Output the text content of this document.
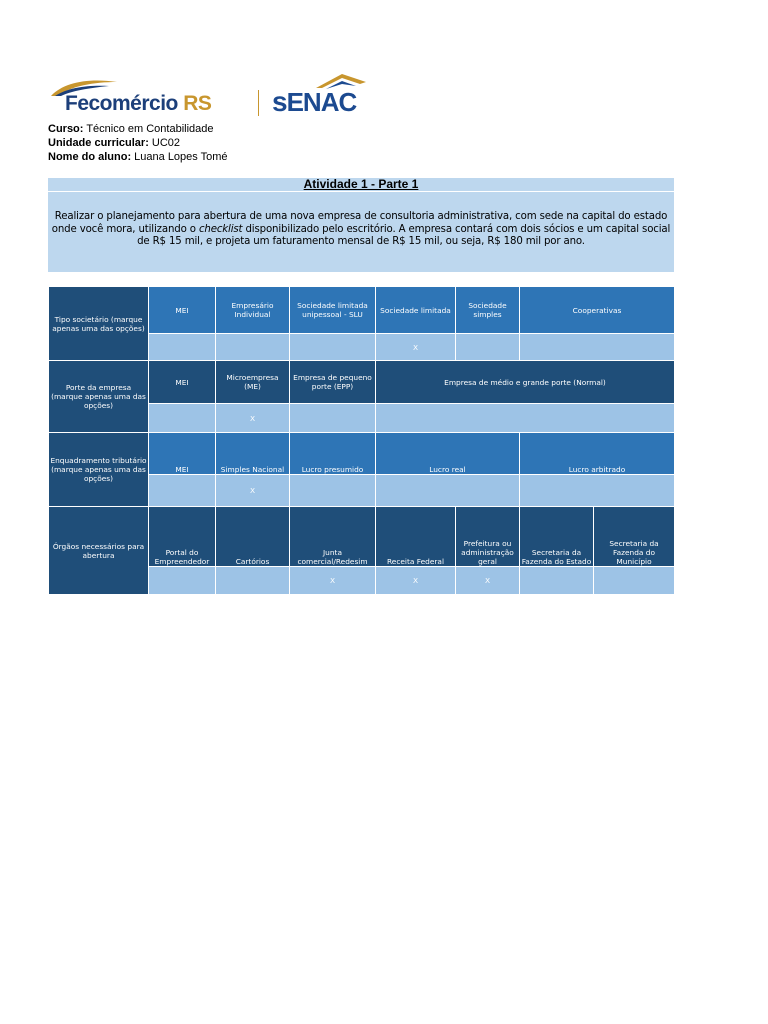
Fecomércio RS sENAC
Curso: Técnico em Contabilidade
Unidade curricular: UC02
Nome do aluno: Luana Lopes Tomé
Atividade 1 - Parte 1

Realizar o planejamento para abertura de uma nova empresa de consultoria administrativa, com sede na capital do estado onde você mora, utilizando o checklist disponibilizado pelo escritório. A empresa contará com dois sócios e um capital social de R$ 15 mil, e projeta um faturamento mensal de R$ 15 mil, ou seja, R$ 180 mil por ano.

Tipo societário (marque apenas uma das opções)	MEI	Empresário Individual	Sociedade limitada unipessoal - SLU	Sociedade limitada	Sociedade simples	Cooperativas	
				X			
Porte da empresa (marque apenas uma das opções)	MEI	Microempresa (ME)	Empresa de pequeno porte (EPP)	Empresa de médio e grande porte (Normal)			
		X					
Enquadramento tributário (marque apenas uma das opções)	MEI	Simples Nacional	Lucro presumido	Lucro real		Lucro arbitrado	
		X					
Órgãos necessários para abertura	Portal do Empreendedor	Cartórios	Junta comercial/Redesim	Receita Federal	Prefeitura ou administração geral	Secretaria da Fazenda do Estado	Secretaria da Fazenda do Município
			X	X	X		
